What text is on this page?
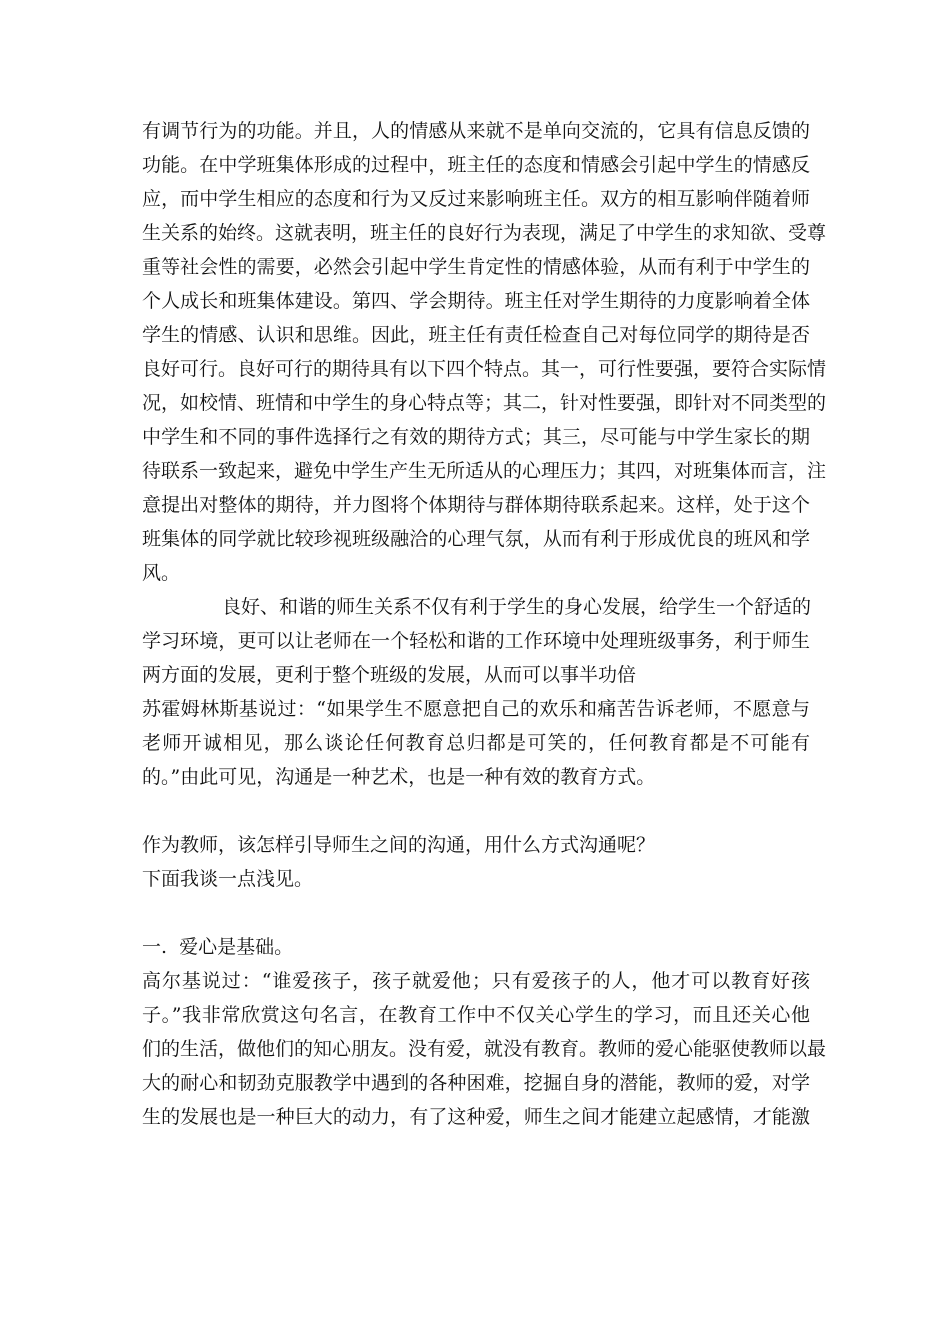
有调节行为的功能。并且，人的情感从来就不是单向交流的，它具有信息反馈的
功能。在中学班集体形成的过程中，班主任的态度和情感会引起中学生的情感反
应，而中学生相应的态度和行为又反过来影响班主任。双方的相互影响伴随着师
生关系的始终。这就表明，班主任的良好行为表现，满足了中学生的求知欲、受尊
重等社会性的需要，必然会引起中学生肯定性的情感体验，从而有利于中学生的
个人成长和班集体建设。第四、学会期待。班主任对学生期待的力度影响着全体
学生的情感、认识和思维。因此，班主任有责任检查自己对每位同学的期待是否
良好可行。良好可行的期待具有以下四个特点。其一，可行性要强，要符合实际情
况，如校情、班情和中学生的身心特点等；其二，针对性要强，即针对不同类型的
中学生和不同的事件选择行之有效的期待方式；其三，尽可能与中学生家长的期
待联系一致起来，避免中学生产生无所适从的心理压力；其四，对班集体而言，注
意提出对整体的期待，并力图将个体期待与群体期待联系起来。这样，处于这个
班集体的同学就比较珍视班级融洽的心理气氛，从而有利于形成优良的班风和学
风。
良好、和谐的师生关系不仅有利于学生的身心发展，给学生一个舒适的
学习环境，更可以让老师在一个轻松和谐的工作环境中处理班级事务，利于师生
两方面的发展，更利于整个班级的发展，从而可以事半功倍
苏霍姆林斯基说过：“如果学生不愿意把自己的欢乐和痛苦告诉老师，不愿意与
老师开诚相见，那么谈论任何教育总归都是可笑的，任何教育都是不可能有
的。”由此可见，沟通是一种艺术，也是一种有效的教育方式。
作为教师，该怎样引导师生之间的沟通，用什么方式沟通呢？
下面我谈一点浅见。
一.  爱心是基础。
高尔基说过：“谁爱孩子，孩子就爱他；只有爱孩子的人，他才可以教育好孩
子。”我非常欣赏这句名言，在教育工作中不仅关心学生的学习，而且还关心他
们的生活，做他们的知心朋友。没有爱，就没有教育。教师的爱心能驱使教师以最
大的耐心和韧劲克服教学中遇到的各种困难，挖掘自身的潜能，教师的爱，对学
生的发展也是一种巨大的动力，有了这种爱，师生之间才能建立起感情，才能激
